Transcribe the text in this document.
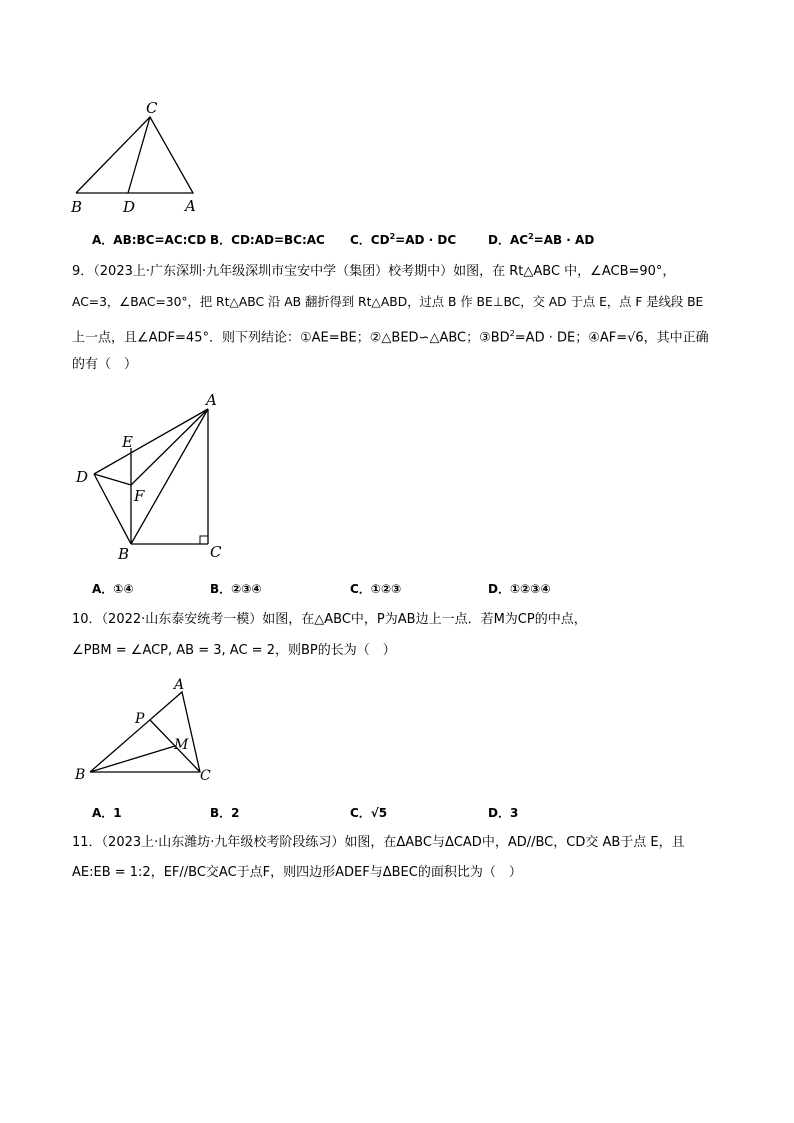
C
B	D	A
A．AB:BC=AC:CD B．CD:AD=BC:AC C．$CD^2=AD$ · DC	D．$AC^2=AB$ · AD
9．（2023上·广东深圳·九年级深圳市宝安中学（集团）校考期中）如图，在 Rt△ABC 中，∠ACB=90°，
AC=3，∠BAC=30°，把 Rt△ABC 沿 AB 翻折得到 Rt△ABD，过点 B 作 BE⊥BC，交 AD 于点 E，点 F 是线段 BE
上一点，且∠ADF=45°．则下列结论：①AE=BE；②△BED∽△ABC；$③BD^2=AD$ · DE；④AF=√6，其中正确
的有（　）
A
E
D
F
B	C
A．①④	B．②③④	C．①②③	D．①②③④
10．（2022·山东泰安统考一模）如图，在△ABC中，P为AB边上一点．若M为CP的中点，
∠PBM = ∠ACP, AB = 3, AC = 2，则BP的长为（　）
A
P
M
B	C
A．1	B．2	C．√5	D．3
11．（2023上·山东潍坊·九年级校考阶段练习）如图，在ΔABC与ΔCAD中，AD//BC，CD交 AB于点 E，且
AE:EB = 1:2，EF//BC交AC于点F，则四边形ADEF与ΔBEC的面积比为（　）
